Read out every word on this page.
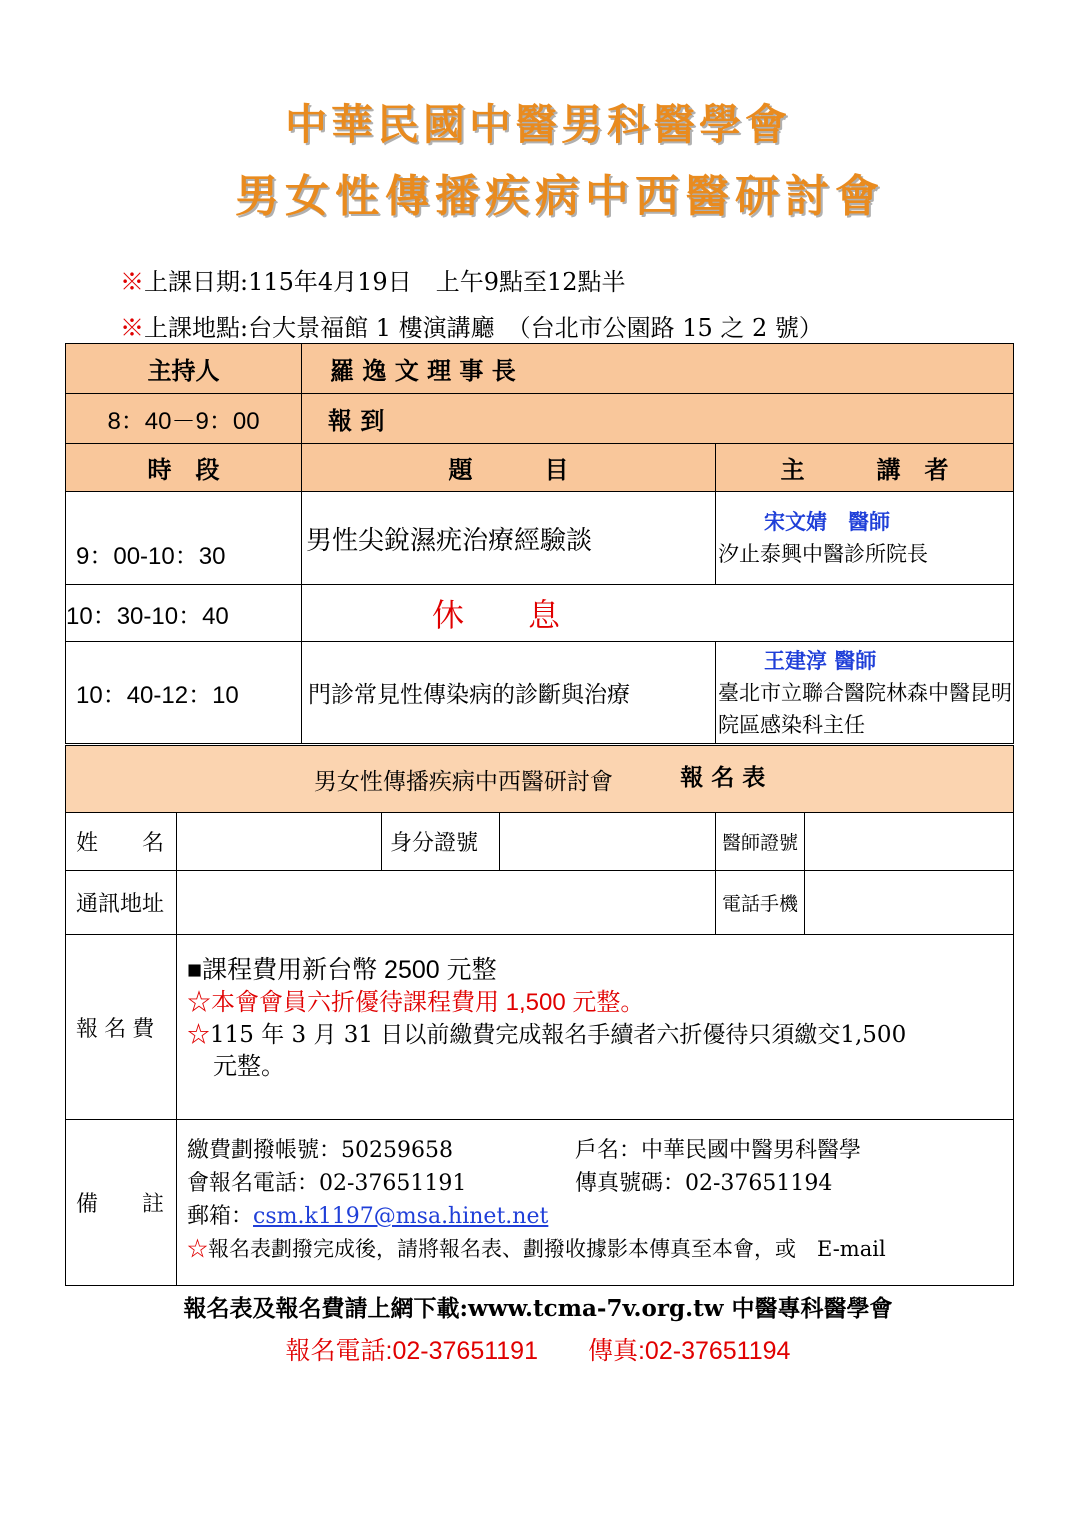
中華民國中醫男科醫學會
男女性傳播疾病中西醫研討會
※上課日期:115年4月19日　上午9點至12點半
※上課地點:台大景福館 1 樓演講廳　（台北市公園路 15 之 2 號）
主持人	羅 逸 文 理 事 長	
8：40－9：00	報 到	
時　段	題　　　目	主　　　講　者
9：00-10：30	男性尖銳濕疣治療經驗談	宋文婧　醫師
汐止泰興中醫診所院長

10：30-10：40	休　　息	
10：40-12：10	門診常見性傳染病的診斷與治療	王建淳 醫師
臺北市立聯合醫院林森中醫昆明院區感染科主任
男女性傳播疾病中西醫研討會 報 名 表					
姓　　名		身分證號		醫師證號	
通訊地址				電話手機	
報 名 費	■課程費用新台幣 2500 元整
☆本會會員六折優待課程費用 1,500 元整。
☆115 年 3 月 31 日以前繳費完成報名手續者六折優待只須繳交1,500
元整。				

備　　註	繳費劃撥帳號：50259658 戶名：中華民國中醫男科醫學
會報名電話：02-37651191 傳真號碼：02-37651194
郵箱：csm.k1197@msa.hinet.net
☆報名表劃撥完成後，請將報名表、劃撥收據影本傳真至本會，或　E-mail				
報名表及報名費請上網下載:www.tcma-7v.org.tw 中醫專科醫學會
報名電話:02-37651191　　傳真:02-37651194
